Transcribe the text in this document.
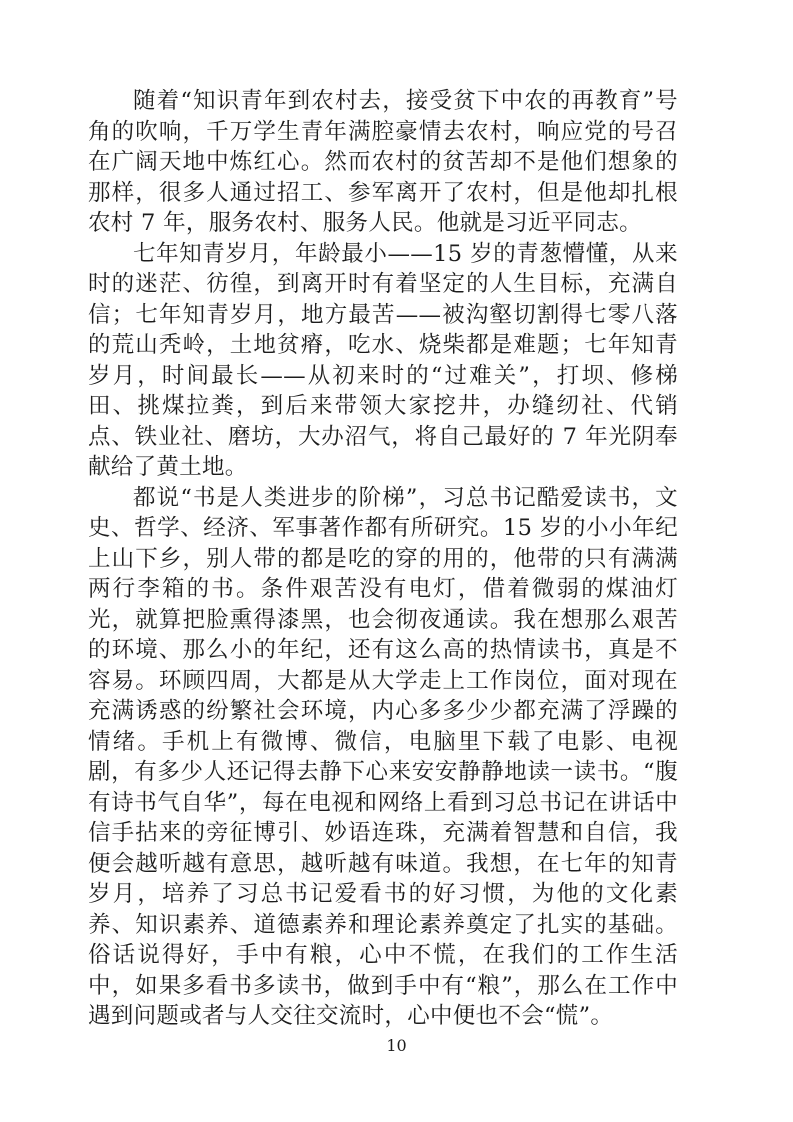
随着“知识青年到农村去，接受贫下中农的再教育”号角的吹响，千万学生青年满腔豪情去农村，响应党的号召在广阔天地中炼红心。然而农村的贫苦却不是他们想象的那样，很多人通过招工、参军离开了农村，但是他却扎根农村 7 年，服务农村、服务人民。他就是习近平同志。

七年知青岁月，年龄最小——15 岁的青葱懵懂，从来时的迷茫、彷徨，到离开时有着坚定的人生目标，充满自信；七年知青岁月，地方最苦——被沟壑切割得七零八落的荒山秃岭，土地贫瘠，吃水、烧柴都是难题；七年知青岁月，时间最长——从初来时的“过难关”，打坝、修梯田、挑煤拉粪，到后来带领大家挖井，办缝纫社、代销点、铁业社、磨坊，大办沼气，将自己最好的 7 年光阴奉献给了黄土地。

都说“书是人类进步的阶梯”，习总书记酷爱读书，文史、哲学、经济、军事著作都有所研究。15 岁的小小年纪上山下乡，别人带的都是吃的穿的用的，他带的只有满满两行李箱的书。条件艰苦没有电灯，借着微弱的煤油灯光，就算把脸熏得漆黑，也会彻夜通读。我在想那么艰苦的环境、那么小的年纪，还有这么高的热情读书，真是不容易。环顾四周，大都是从大学走上工作岗位，面对现在充满诱惑的纷繁社会环境，内心多多少少都充满了浮躁的情绪。手机上有微博、微信，电脑里下载了电影、电视剧，有多少人还记得去静下心来安安静静地读一读书。“腹有诗书气自华”，每在电视和网络上看到习总书记在讲话中信手拈来的旁征博引、妙语连珠，充满着智慧和自信，我便会越听越有意思，越听越有味道。我想，在七年的知青岁月，培养了习总书记爱看书的好习惯，为他的文化素养、知识素养、道德素养和理论素养奠定了扎实的基础。俗话说得好，手中有粮，心中不慌，在我们的工作生活中，如果多看书多读书，做到手中有“粮”，那么在工作中遇到问题或者与人交往交流时，心中便也不会“慌”。

10
